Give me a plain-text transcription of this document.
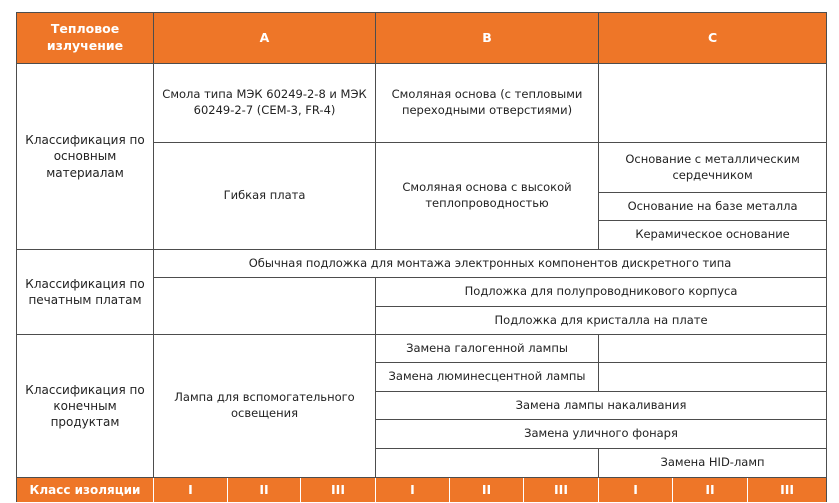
Тепловое излучение	A			B			C		
Классификация по основным материалам	Смола типа МЭК 60249-2-8 и МЭК 60249-2-7 (CEM-3, FR-4)			Смоляная основа (с тепловыми переходными отверстиями)					
	Гибкая плата			Смоляная основа с высокой теплопроводностью			Основание с металлическим сердечником		
							Основание на базе металла		
							Керамическое основание		
Классификация по печатным платам	Обычная подложка для монтажа электронных компонентов дискретного типа								
				Подложка для полупроводникового корпуса					
				Подложка для кристалла на плате					
Классификация по конечным продуктам	Лампа для вспомогательного освещения			Замена галогенной лампы					
				Замена люминесцентной лампы					
				Замена лампы накаливания					
				Замена уличного фонаря					
							Замена HID-ламп		
Класс изоляции	I	II	III	I	II	III	I	II	III
